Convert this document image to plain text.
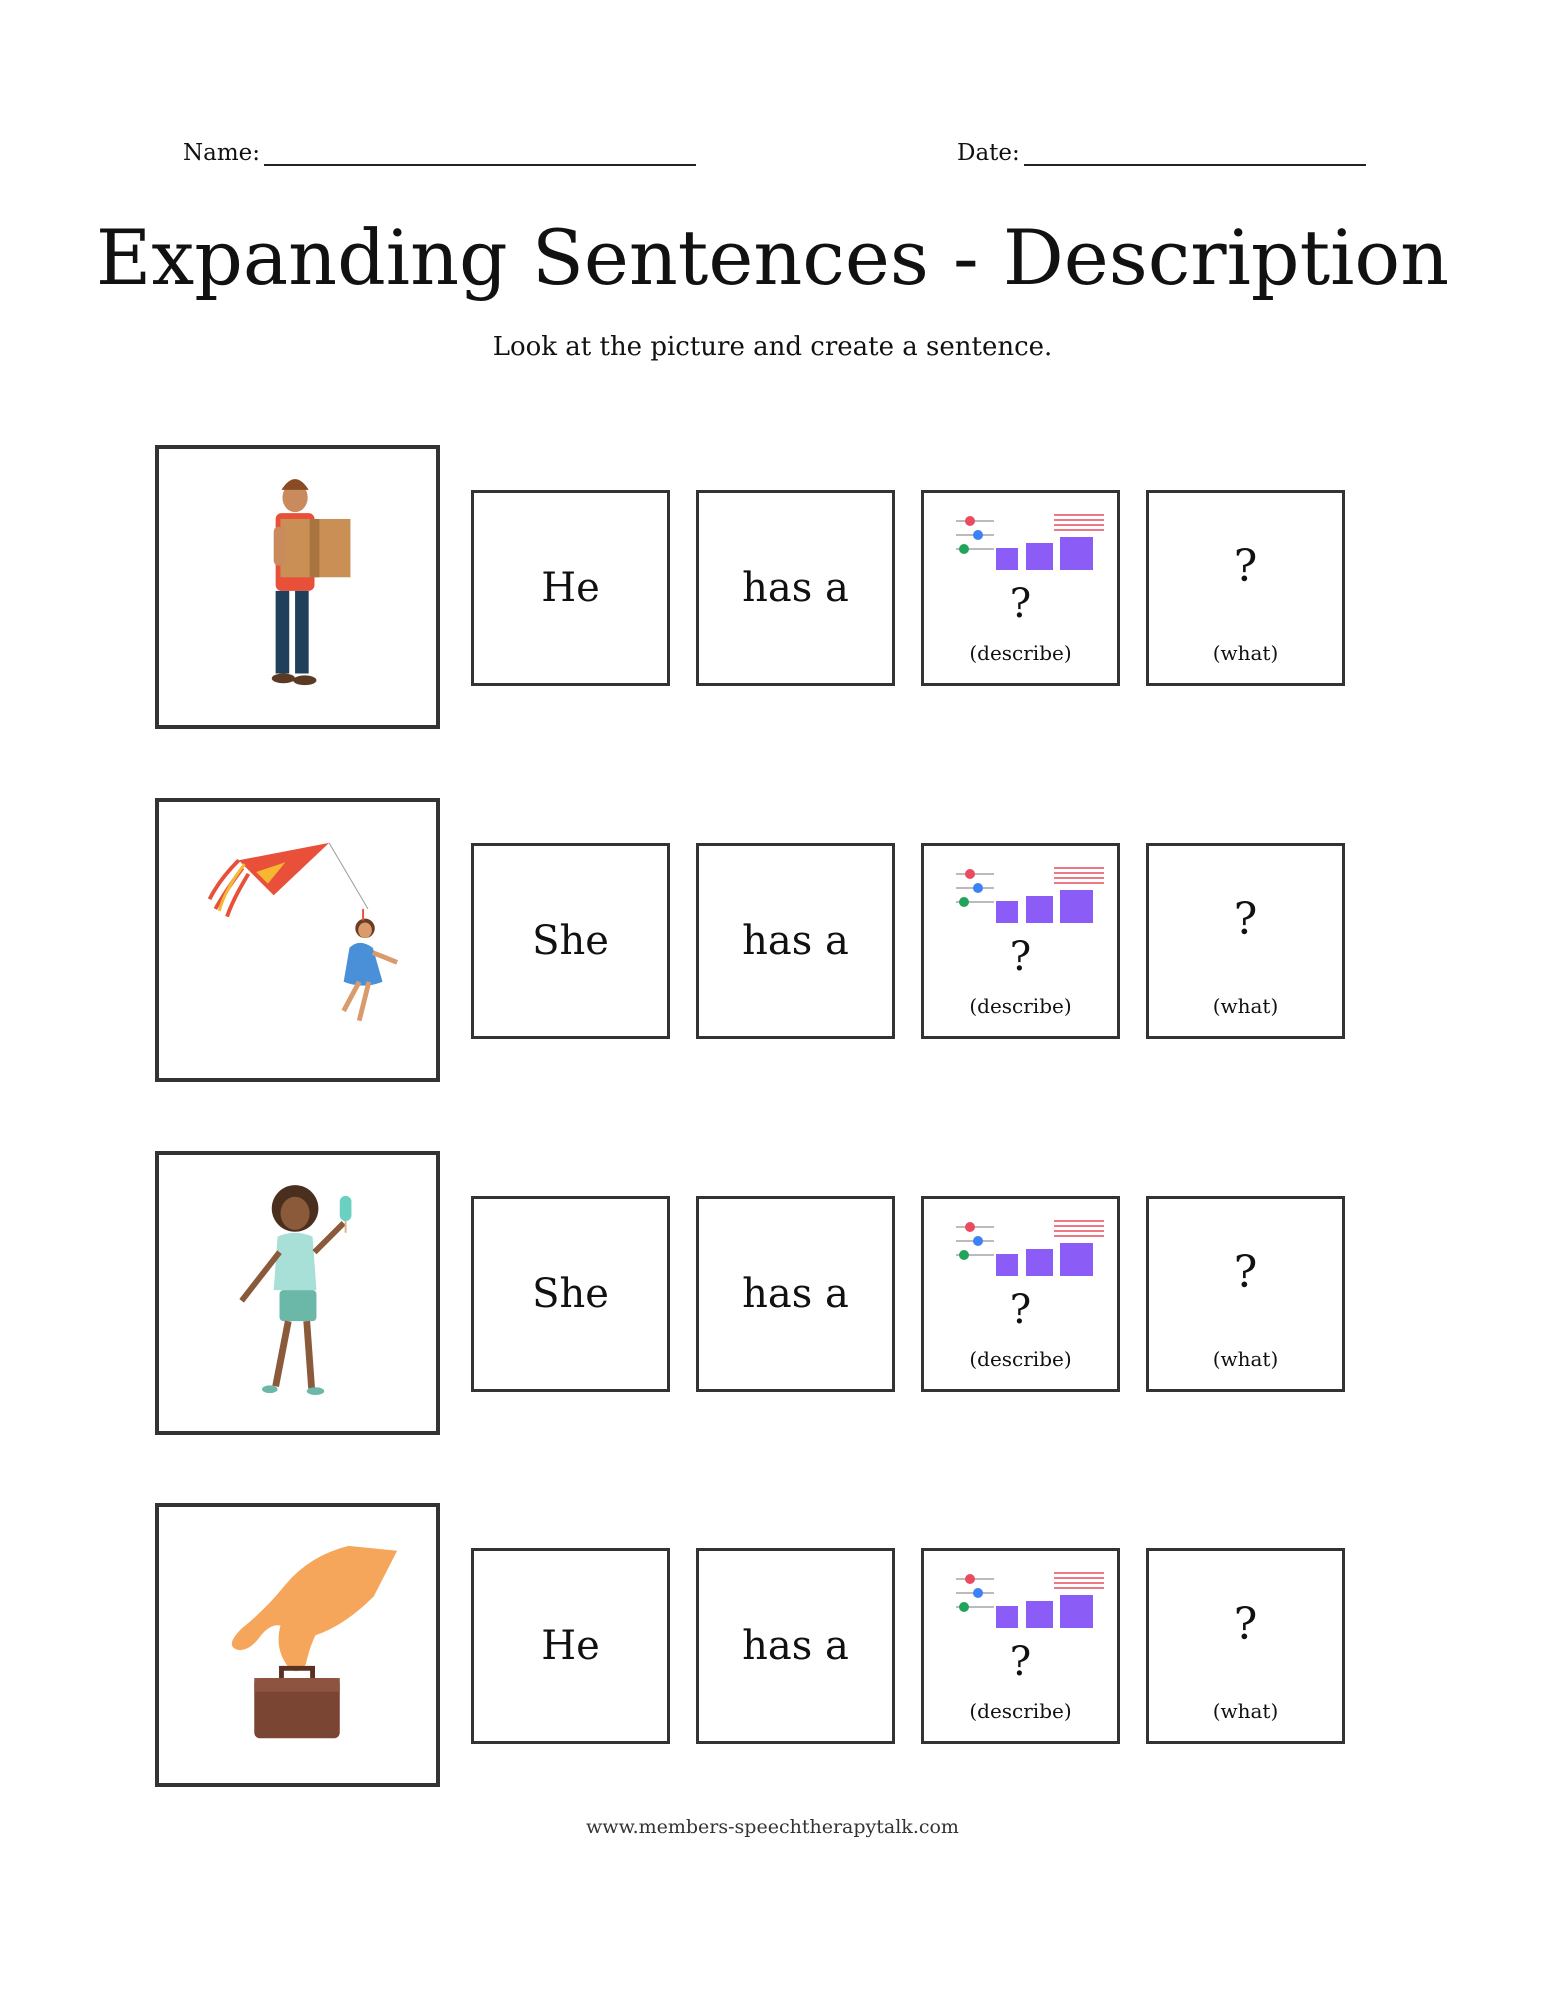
Name:	Date:
Expanding Sentences - Description
Look at the picture and create a sentence.
He	has a	?
(describe)
?
(what)
She	has a	?
(describe)
?
(what)
She	has a	?
(describe)
?
(what)
He	has a	?
(describe)
?
(what)
www.members-speechtherapytalk.com
